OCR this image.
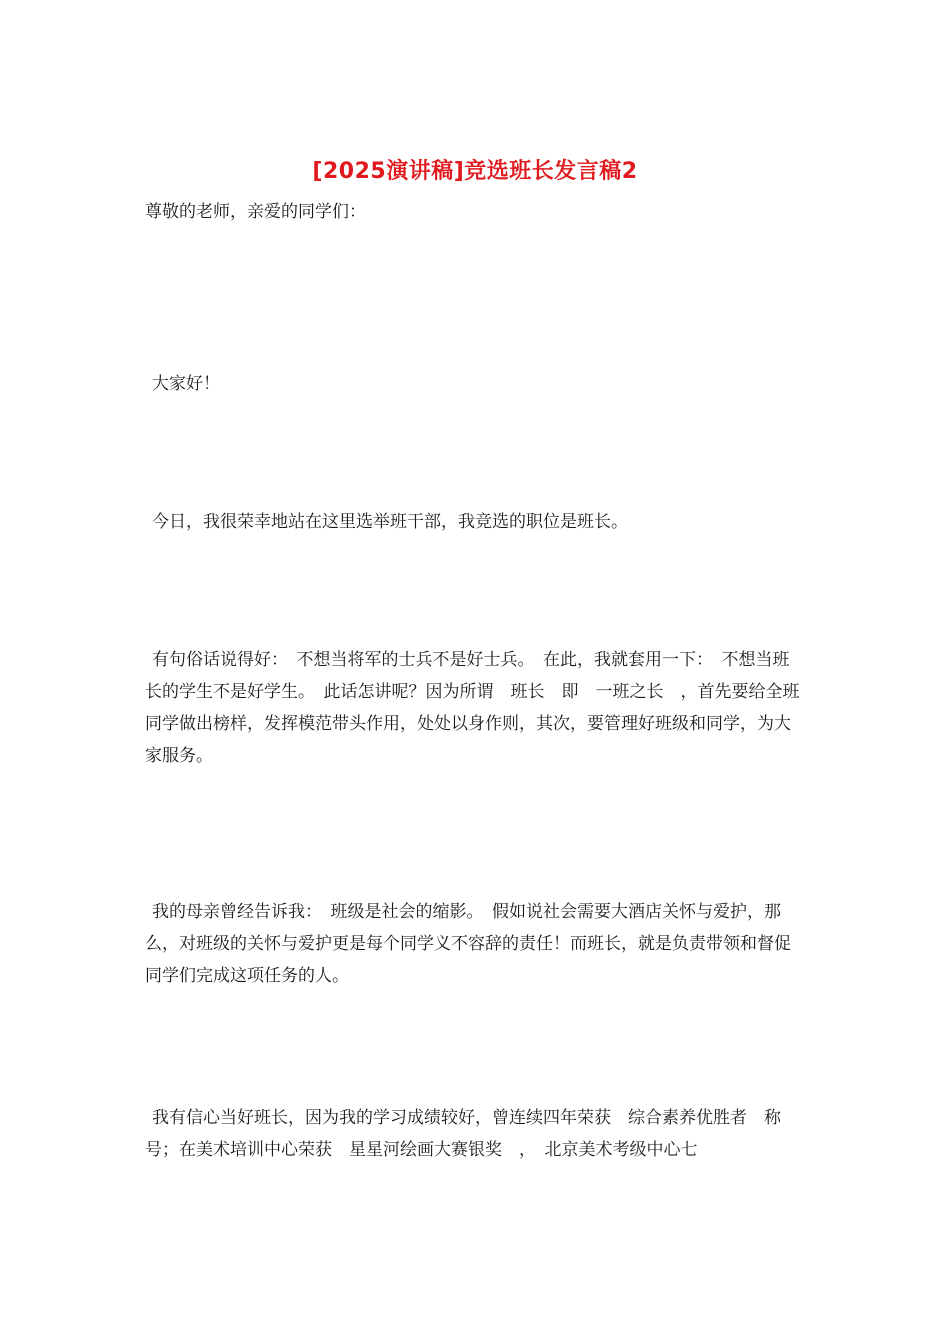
[2025演讲稿]竞选班长发言稿2

尊敬的老师，亲爱的同学们：

大家好！

今日，我很荣幸地站在这里选举班干部，我竞选的职位是班长。

有句俗话说得好：　不想当将军的士兵不是好士兵。　在此，我就套用一下：　不想当班长的学生不是好学生。　此话怎讲呢？因为所谓　班长　即　一班之长　，首先要给全班同学做出榜样，发挥模范带头作用，处处以身作则，其次，要管理好班级和同学，为大家服务。

我的母亲曾经告诉我：　班级是社会的缩影。　假如说社会需要大酒店关怀与爱护，那么，对班级的关怀与爱护更是每个同学义不容辞的责任！而班长，就是负责带领和督促同学们完成这项任务的人。

我有信心当好班长，因为我的学习成绩较好，曾连续四年荣获　综合素养优胜者　称号；在美术培训中心荣获　星星河绘画大赛银奖　，　北京美术考级中心七
